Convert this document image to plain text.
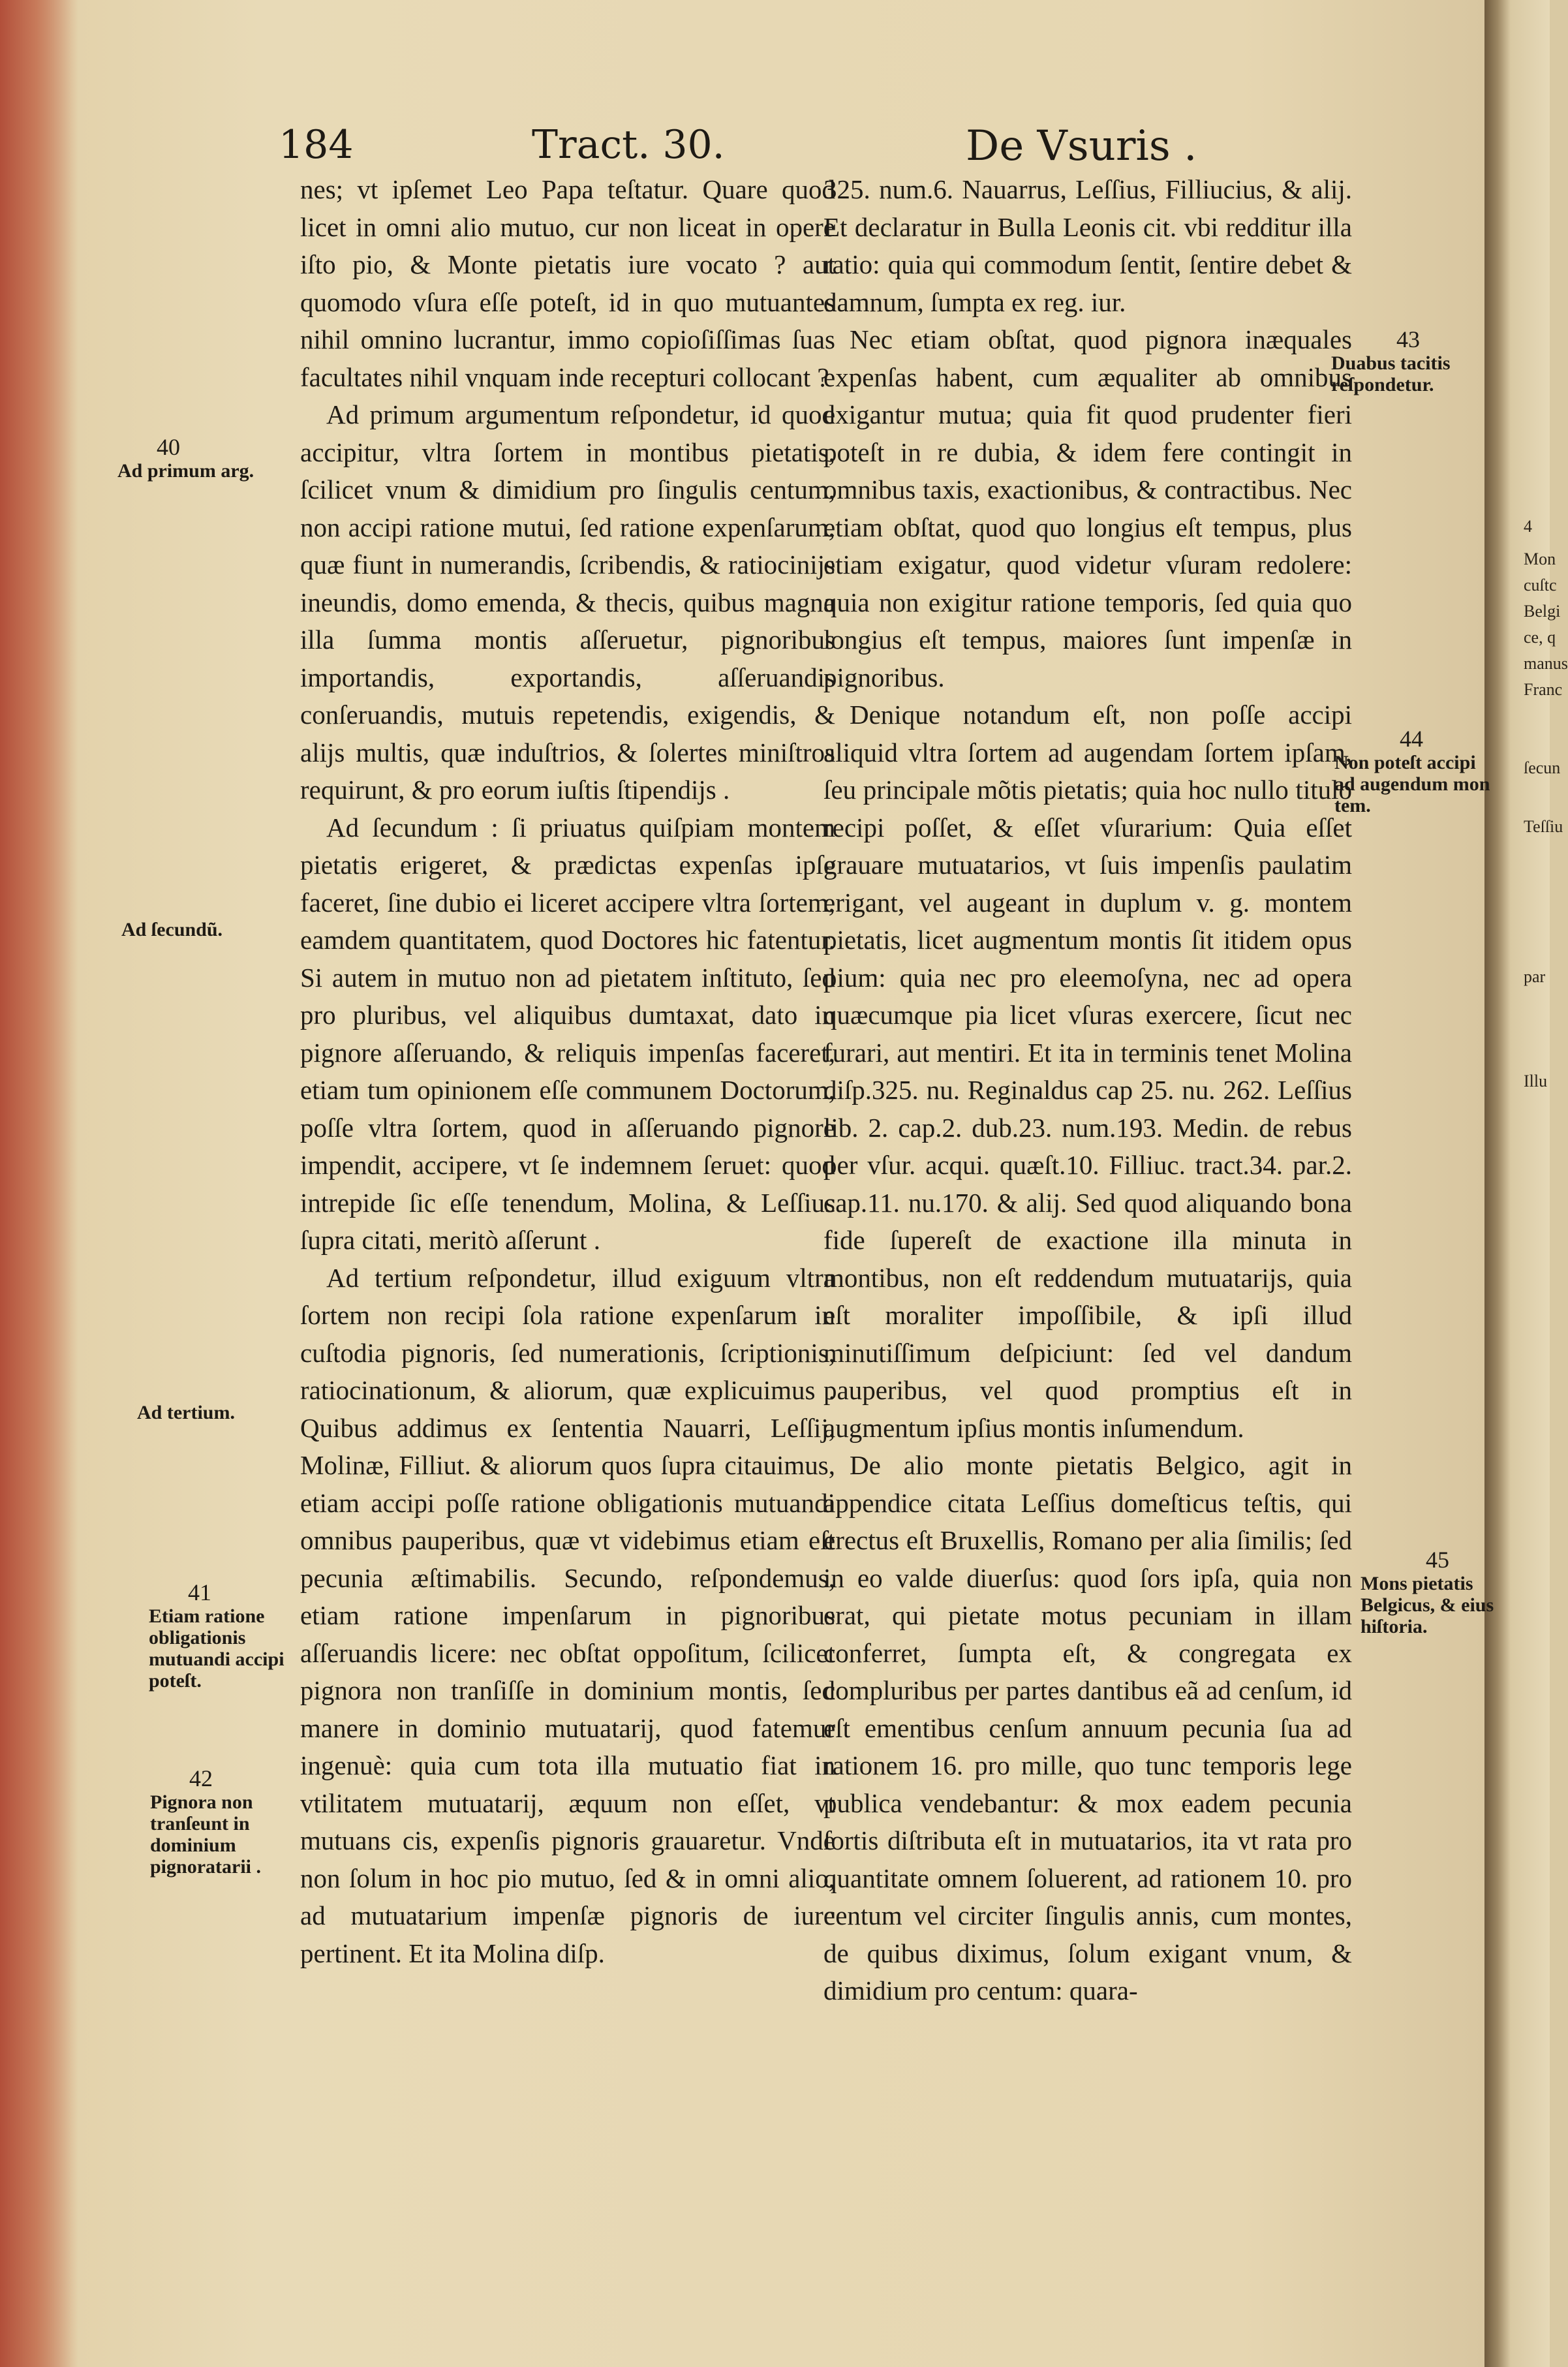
184	Tract. 30.	De Vsuris .

nes; vt ipſemet Leo Papa teſtatur. Quare quod licet in omni alio mutuo, cur non liceat in opere iſto pio, & Monte pietatis iure vocato ? aut quomodo vſura eſſe poteſt, id in quo mutuantes nihil omnino lucrantur, immo copioſiſſimas ſuas facultates nihil vnquam inde recepturi collocant ?

Ad primum argumentum reſpondetur, id quod accipitur, vltra ſortem in montibus pietatis, ſcilicet vnum & dimidium pro ſingulis centum, non accipi ratione mutui, ſed ratione expenſarum, quæ fiunt in numerandis, ſcribendis, & ratiocinijs ineundis, domo emenda, & thecis, quibus magna illa ſumma montis aſſeruetur, pignoribus importandis, exportandis, aſſeruandis conſeruandis, mutuis repetendis, exigendis, & alijs multis, quæ induſtrios, & ſolertes miniſtros requirunt, & pro eorum iuſtis ſtipendijs .

Ad ſecundum : ſi priuatus quiſpiam montem pietatis erigeret, & prædictas expenſas ipſe faceret, ſine dubio ei liceret accipere vltra ſortem, eamdem quantitatem, quod Doctores hic fatentur. Si autem in mutuo non ad pietatem inſtituto, ſed pro pluribus, vel aliquibus dumtaxat, dato in pignore aſſeruando, & reliquis impenſas faceret, etiam tum opinionem eſſe communem Doctorum, poſſe vltra ſortem, quod in aſſeruando pignore impendit, accipere, vt ſe indemnem ſeruet: quod intrepide ſic eſſe tenendum, Molina, & Leſſius ſupra citati, meritò aſſerunt .

Ad tertium reſpondetur, illud exiguum vltra ſortem non recipi ſola ratione expenſarum in cuſtodia pignoris, ſed numerationis, ſcriptionis, ratiocinationum, & aliorum, quæ explicuimus . Quibus addimus ex ſententia Nauarri, Leſſij, Molinæ, Filliut. & aliorum quos ſupra citauimus, etiam accipi poſſe ratione obligationis mutuandi omnibus pauperibus, quæ vt videbimus etiam eſt pecunia æſtimabilis. Secundo, reſpondemus, etiam ratione impenſarum in pignoribus aſſeruandis licere: nec obſtat oppoſitum, ſcilicet pignora non tranſiſſe in dominium montis, ſed manere in dominio mutuatarij, quod fatemur ingenuè: quia cum tota illa mutuatio fiat in vtilitatem mutuatarij, æquum non eſſet, vt mutuans cis, expenſis pignoris grauaretur. Vnde non ſolum in hoc pio mutuo, ſed & in omni alio, ad mutuatarium impenſæ pignoris de iure pertinent. Et ita Molina diſp.

325. num.6. Nauarrus, Leſſius, Filliucius, & alij. Et declaratur in Bulla Leonis cit. vbi redditur illa ratio: quia qui commodum ſentit, ſentire debet & damnum, ſumpta ex reg. iur.

Nec etiam obſtat, quod pignora inæquales expenſas habent, cum æqualiter ab omnibus exigantur mutua; quia fit quod prudenter fieri poteſt in re dubia, & idem fere contingit in omnibus taxis, exactionibus, & contractibus. Nec etiam obſtat, quod quo longius eſt tempus, plus etiam exigatur, quod videtur vſuram redolere: quia non exigitur ratione temporis, ſed quia quo longius eſt tempus, maiores ſunt impenſæ in pignoribus.

Denique notandum eſt, non poſſe accipi aliquid vltra ſortem ad augendam ſortem ipſam, ſeu principale mõtis pietatis; quia hoc nullo titulo recipi poſſet, & eſſet vſurarium: Quia eſſet grauare mutuatarios, vt ſuis impenſis paulatim erigant, vel augeant in duplum v. g. montem pietatis, licet augmentum montis ſit itidem opus pium: quia nec pro eleemoſyna, nec ad opera quæcumque pia licet vſuras exercere, ſicut nec furari, aut mentiri. Et ita in terminis tenet Molina diſp.325. nu. Reginaldus cap 25. nu. 262. Leſſius lib. 2. cap.2. dub.23. num.193. Medin. de rebus per vſur. acqui. quæſt.10. Filliuc. tract.34. par.2. cap.11. nu.170. & alij. Sed quod aliquando bona fide ſupereſt de exactione illa minuta in montibus, non eſt reddendum mutuatarijs, quia eſt moraliter impoſſibile, & ipſi illud minutiſſimum deſpiciunt: ſed vel dandum pauperibus, vel quod promptius eſt in augmentum ipſius montis inſumendum.

De alio monte pietatis Belgico, agit in appendice citata Leſſius domeſticus teſtis, qui erectus eſt Bruxellis, Romano per alia ſimilis; ſed in eo valde diuerſus: quod ſors ipſa, quia non erat, qui pietate motus pecuniam in illam conferret, ſumpta eſt, & congregata ex compluribus per partes dantibus eã ad cenſum, id eſt ementibus cenſum annuum pecunia ſua ad rationem 16. pro mille, quo tunc temporis lege publica vendebantur: & mox eadem pecunia ſortis diſtributa eſt in mutuatarios, ita vt rata pro quantitate omnem ſoluerent, ad rationem 10. pro centum vel circiter ſingulis annis, cum montes, de quibus diximus, ſolum exigant vnum, & dimidium pro centum: quara-

40
Ad primum arg.
Ad ſecundũ.
Ad tertium.
41
Etiam ratione obligationis mutuandi accipi poteſt.
42
Pignora non tranſeunt in dominium pignoratarii .
43
Duabus tacitis reſpondetur.
44
Non poteſt accipi ad augendum mon tem.
45
Mons pietatis Belgicus, & eius hiſtoria.
4
Mon
cuſtc
Belgi
ce, q
manus
Franc
ſecun
Teſſiu
par
Illu
